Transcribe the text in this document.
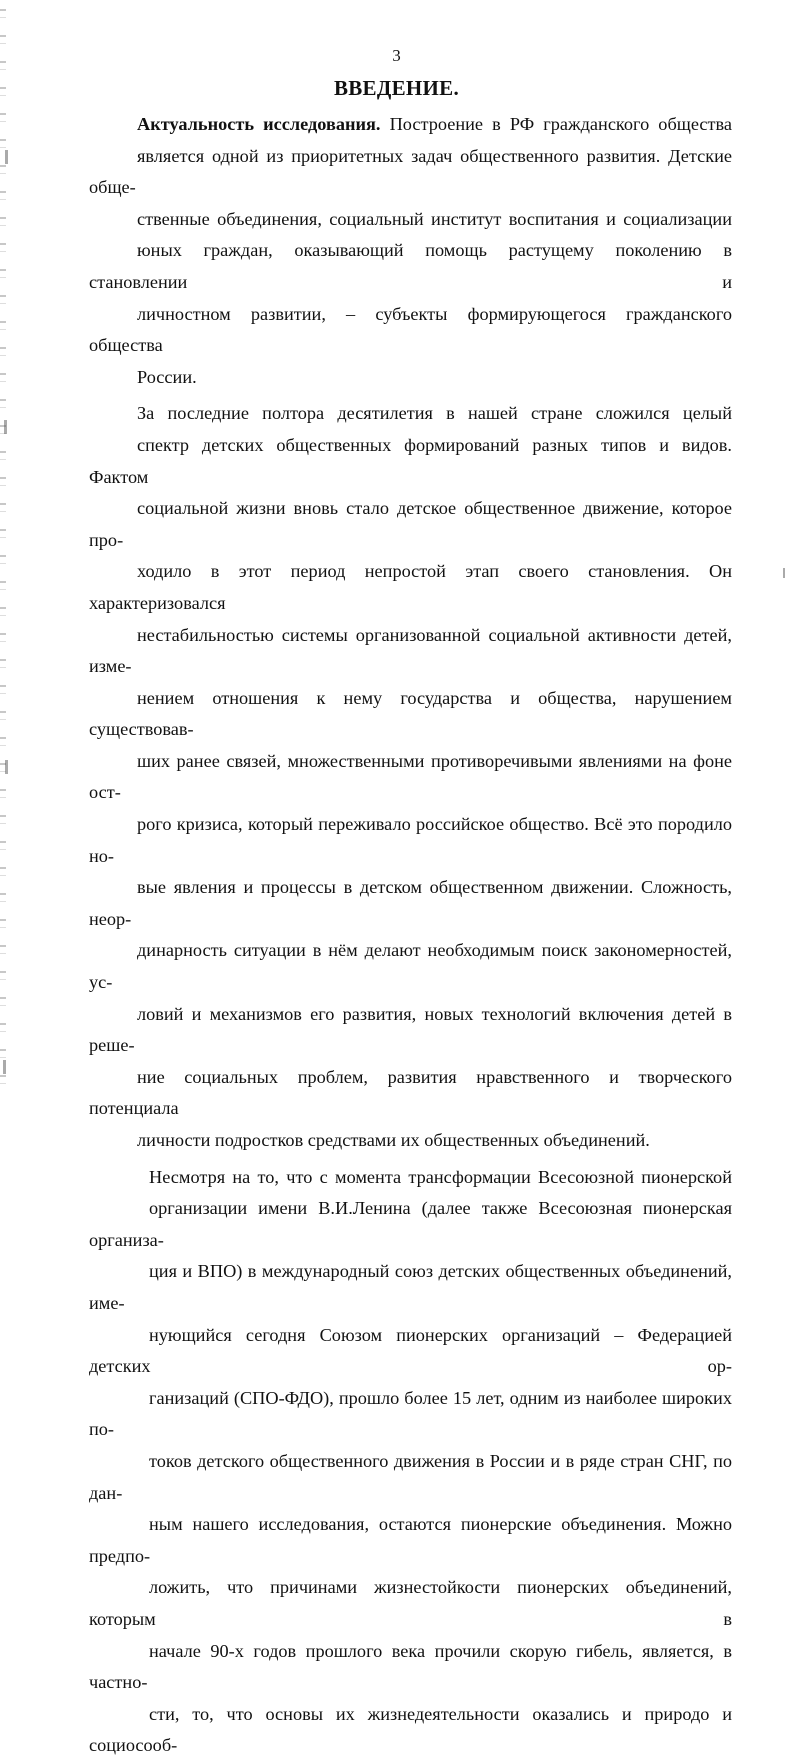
3
ВВЕДЕНИЕ.

Актуальность исследования. Построение в РФ гражданского общества
является одной из приоритетных задач общественного развития. Детские обще-
ственные объединения, социальный институт воспитания и социализации
юных граждан, оказывающий помощь растущему поколению в становлении и
личностном развитии, – субъекты формирующегося гражданского общества
России.

За последние полтора десятилетия в нашей стране сложился целый
спектр детских общественных формирований разных типов и видов. Фактом
социальной жизни вновь стало детское общественное движение, которое про-
ходило в этот период непростой этап своего становления. Он характеризовался
нестабильностью системы организованной социальной активности детей, изме-
нением отношения к нему государства и общества, нарушением существовав-
ших ранее связей, множественными противоречивыми явлениями на фоне ост-
рого кризиса, который переживало российское общество. Всё это породило но-
вые явления и процессы в детском общественном движении. Сложность, неор-
динарность ситуации в нём делают необходимым поиск закономерностей, ус-
ловий и механизмов его развития, новых технологий включения детей в реше-
ние социальных проблем, развития нравственного и творческого потенциала
личности подростков средствами их общественных объединений.

Несмотря на то, что с момента трансформации Всесоюзной пионерской
организации имени В.И.Ленина (далее также Всесоюзная пионерская организа-
ция и ВПО) в международный союз детских общественных объединений, име-
нующийся сегодня Союзом пионерских организаций – Федерацией детских ор-
ганизаций (СПО-ФДО), прошло более 15 лет, одним из наиболее широких по-
токов детского общественного движения в России и в ряде стран СНГ, по дан-
ным нашего исследования, остаются пионерские объединения. Можно предпо-
ложить, что причинами жизнестойкости пионерских объединений, которым в
начале 90-х годов прошлого века прочили скорую гибель, является, в частно-
сти, то, что основы их жизнедеятельности оказались и природо и социосооб-
